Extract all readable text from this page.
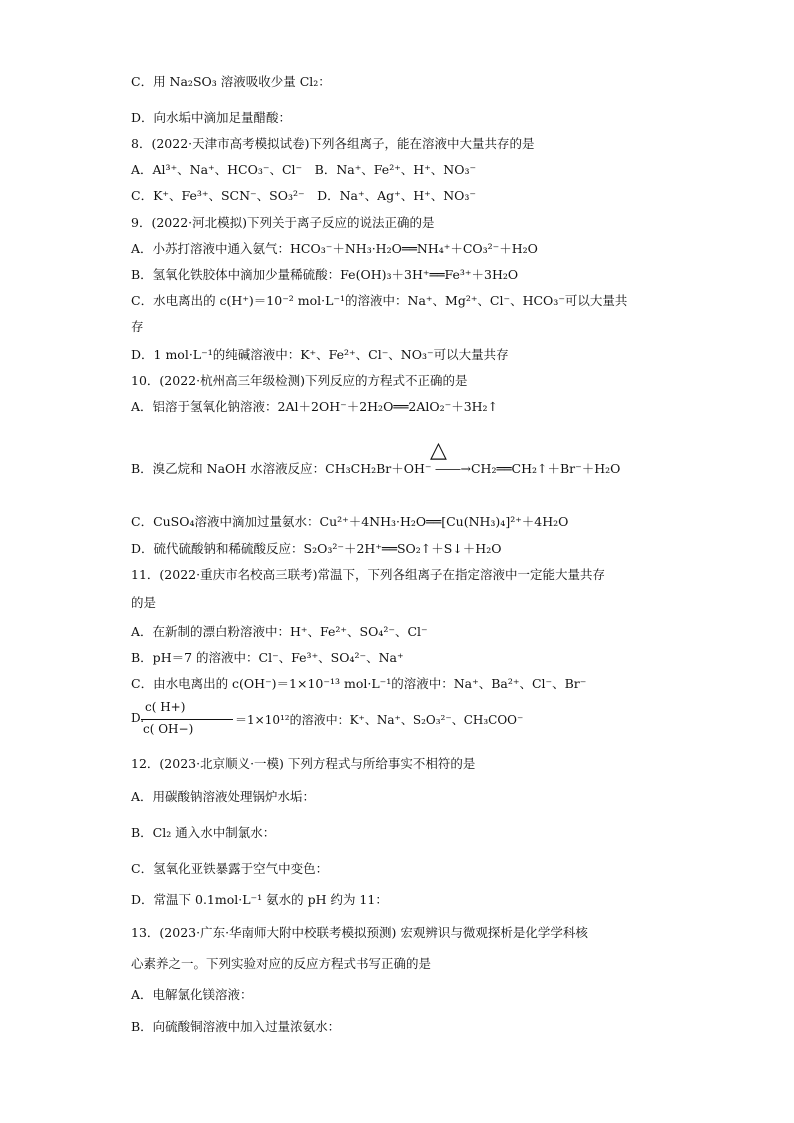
C．用 Na₂SO₃ 溶液吸收少量 Cl₂：
D．向水垢中滴加足量醋酸：
8．(2022·天津市高考模拟试卷)下列各组离子，能在溶液中大量共存的是
A．Al³⁺、Na⁺、HCO₃⁻、Cl⁻　B．Na⁺、Fe²⁺、H⁺、NO₃⁻
C．K⁺、Fe³⁺、SCN⁻、SO₃²⁻　D．Na⁺、Ag⁺、H⁺、NO₃⁻
9．(2022·河北模拟)下列关于离子反应的说法正确的是
A．小苏打溶液中通入氨气：HCO₃⁻＋NH₃·H₂O══NH₄⁺＋CO₃²⁻＋H₂O
B．氢氧化铁胶体中滴加少量稀硫酸：Fe(OH)₃＋3H⁺══Fe³⁺＋3H₂O
C．水电离出的 c(H⁺)＝10⁻² mol·L⁻¹的溶液中：Na⁺、Mg²⁺、Cl⁻、HCO₃⁻可以大量共
存
D．1 mol·L⁻¹的纯碱溶液中：K⁺、Fe²⁺、Cl⁻、NO₃⁻可以大量共存
10．(2022·杭州高三年级检测)下列反应的方程式不正确的是
A．铝溶于氢氧化钠溶液：2Al＋2OH⁻＋2H₂O══2AlO₂⁻＋3H₂↑
B．溴乙烷和 NaOH 水溶液反应：CH₃CH₂Br＋OH⁻ ――→CH₂══CH₂↑＋Br⁻＋H₂O
C．CuSO₄溶液中滴加过量氨水：Cu²⁺＋4NH₃·H₂O══[Cu(NH₃)₄]²⁺＋4H₂O
D．硫代硫酸钠和稀硫酸反应：S₂O₃²⁻＋2H⁺══SO₂↑＋S↓＋H₂O
11．(2022·重庆市名校高三联考)常温下，下列各组离子在指定溶液中一定能大量共存
的是
A．在新制的漂白粉溶液中：H⁺、Fe²⁺、SO₄²⁻、Cl⁻
B．pH＝7 的溶液中：Cl⁻、Fe³⁺、SO₄²⁻、Na⁺
C．由水电离出的 c(OH⁻)＝1×10⁻¹³ mol·L⁻¹的溶液中：Na⁺、Ba²⁺、Cl⁻、Br⁻
12．(2023·北京顺义·一模) 下列方程式与所给事实不相符的是
A．用碳酸钠溶液处理锅炉水垢：
B．Cl₂ 通入水中制氯水：
C．氢氧化亚铁暴露于空气中变色：
D．常温下 0.1mol·L⁻¹ 氨水的 pH 约为 11：
13．(2023·广东·华南师大附中校联考模拟预测) 宏观辨识与微观探析是化学学科核
心素养之一。下列实验对应的反应方程式书写正确的是
A．电解氯化镁溶液：
B．向硫酸铜溶液中加入过量浓氨水：
△
D.
c( H+)
c( OH−)
＝1×10¹²的溶液中：K⁺、Na⁺、S₂O₃²⁻、CH₃COO⁻
